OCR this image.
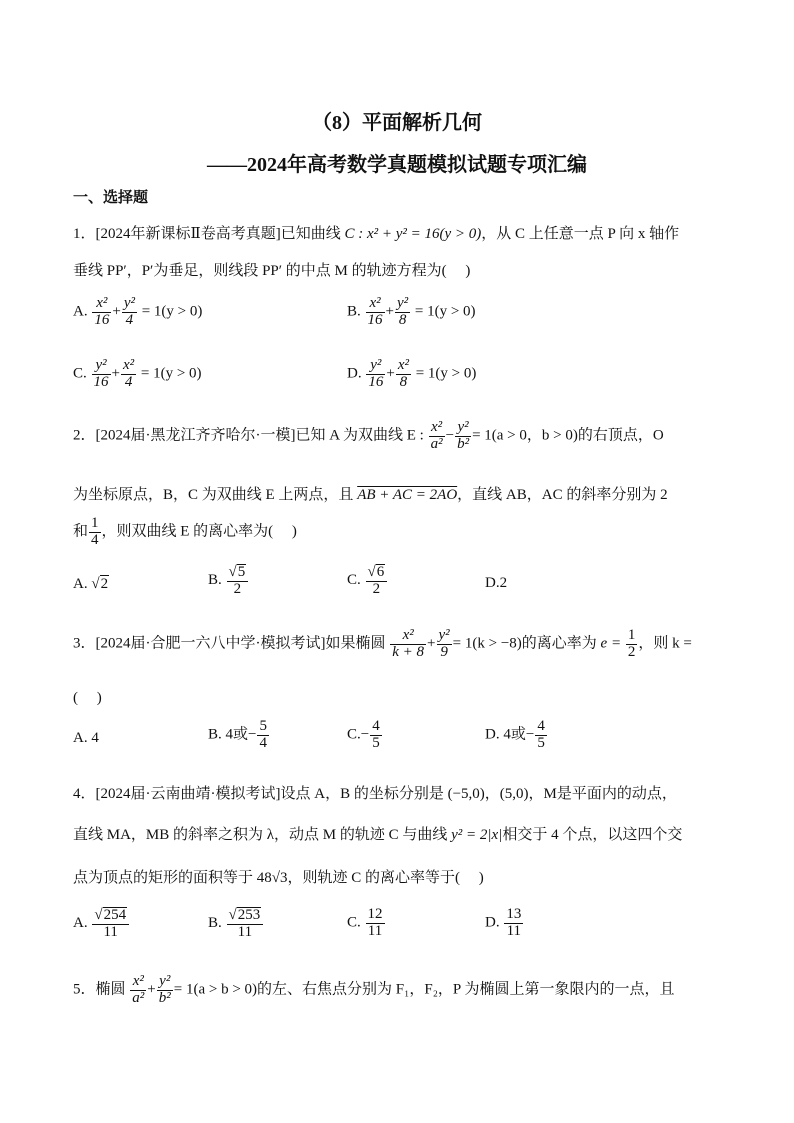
（8）平面解析几何
——2024年高考数学真题模拟试题专项汇编
一、选择题
1．[2024年新课标Ⅱ卷高考真题]已知曲线 C : x² + y² = 16(y > 0)，从 C 上任意一点 P 向 x 轴作
垂线 PP′，P′为垂足，则线段 PP′ 的中点 M 的轨迹方程为(　 )
A. $\frac{\text{x²}}{16} + \frac{\text{y²}}{4} = 1(y > 0)$	B. $\frac{\text{x²}}{16} + \frac{\text{y²}}{8} = 1(y > 0)$
C. $\frac{\text{y²}}{16} + \frac{\text{x²}}{4} = 1(y > 0)$	D. $\frac{\text{y²}}{16} + \frac{\text{x²}}{8} = 1(y > 0)$
2．[2024届·黑龙江齐齐哈尔·一模]已知 A 为双曲线 E : $\frac{\text{x²}}{\text{a²}} - \frac{\text{y²}}{\text{b²}} = 1(a > 0$，b > 0)的右顶点，O
为坐标原点，B，C 为双曲线 E 上两点，且 AB + AC = 2AO，直线 AB，AC 的斜率分别为 2
和 $\frac{1}{4}$ ，则双曲线 E 的离心率为(　 )
A. √2	B. $\frac{√5}{2}$	C. $\frac{√6}{2}$	D.2
3．[2024届·合肥一六八中学·模拟考试]如果椭圆 $\frac{\text{x²}}{k + 8} + \frac{\text{y²}}{9} = 1(k > -8)$的离心率为 $e = \frac{1}{2}$ ，则 k =
(　 )
A. 4	B. 4或− $\frac{5}{4}$	$C.- \frac{4}{5}$	D. 4或− $\frac{4}{5}$
4．[2024届·云南曲靖·模拟考试]设点 A，B 的坐标分别是 (−5,0)，(5,0)，M是平面内的动点，
直线 MA，MB 的斜率之积为 λ，动点 M 的轨迹 C 与曲线 y² = 2|x|相交于 4 个点，以这四个交
点为顶点的矩形的面积等于 48√3，则轨迹 C 的离心率等于(　 )
A. $\frac{√254}{11}$	B. $\frac{√253}{11}$	C. $\frac{12}{11}$	D. $\frac{13}{11}$
5．椭圆 $\frac{\text{x²}}{\text{a²}} + \frac{\text{y²}}{\text{b²}} = 1(a > b > 0)$的左、右焦点分别为 F₁，F₂，P 为椭圆上第一象限内的一点，且
